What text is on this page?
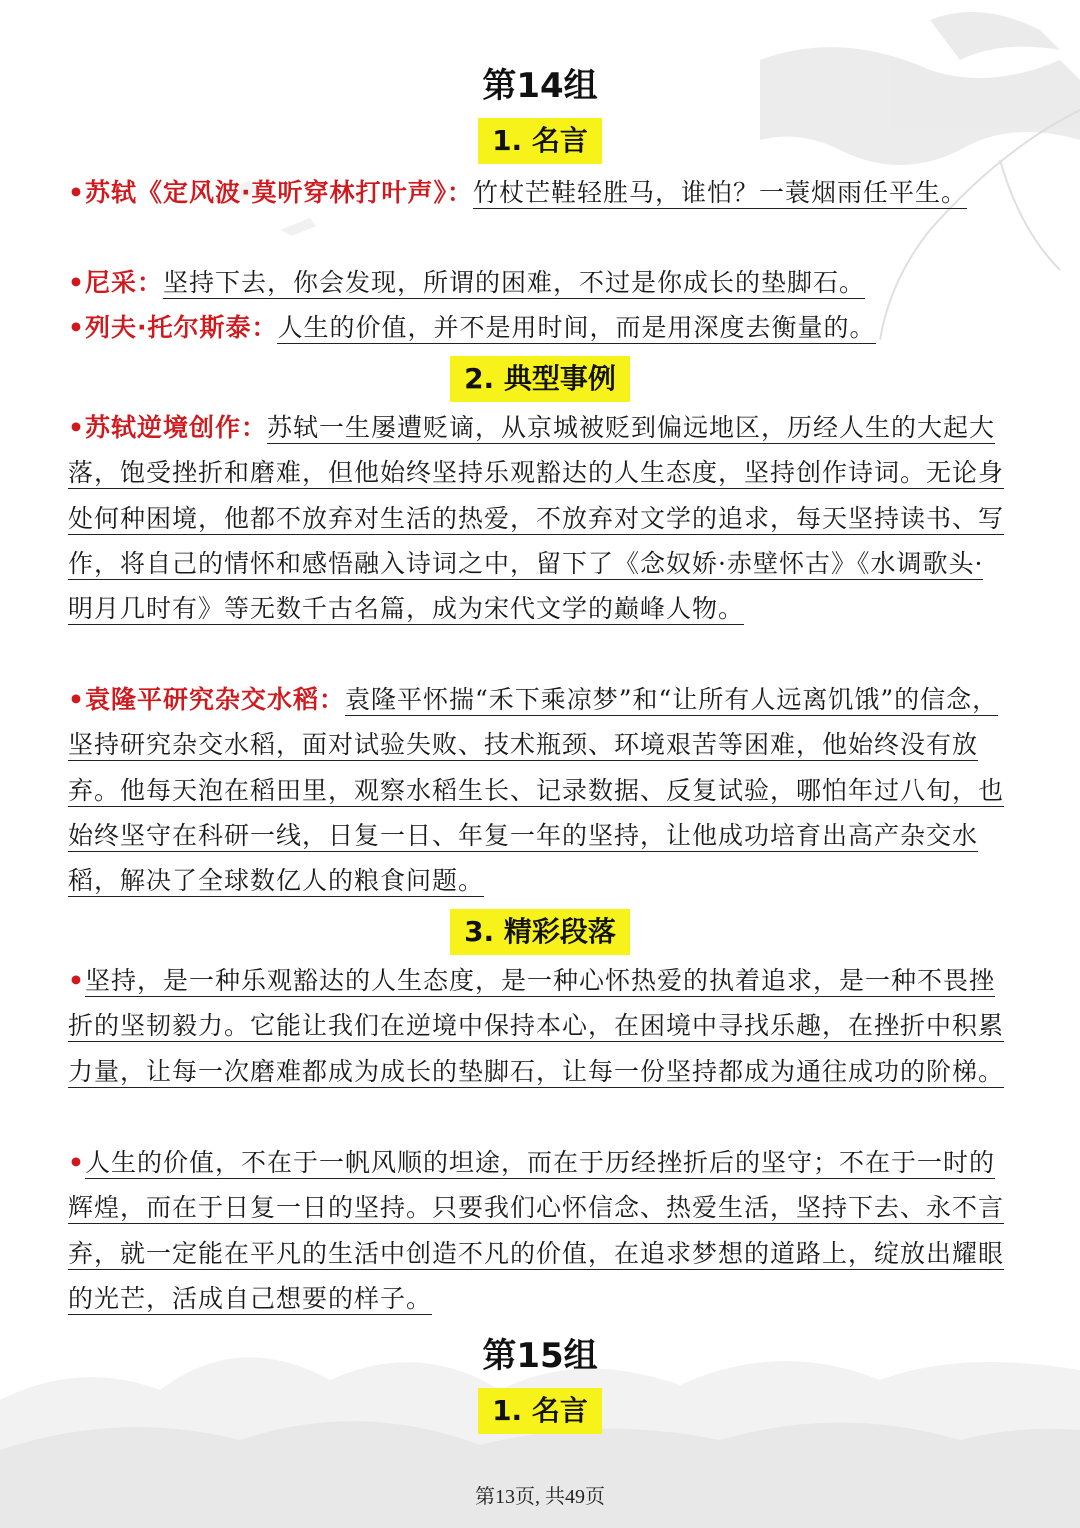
第14组
1. 名言
•苏轼《定风波·莫听穿林打叶声》：竹杖芒鞋轻胜马，谁怕？一蓑烟雨任平生。
•尼采：坚持下去，你会发现，所谓的困难，不过是你成长的垫脚石。
•列夫·托尔斯泰：人生的价值，并不是用时间，而是用深度去衡量的。
2. 典型事例
•苏轼逆境创作：苏轼一生屡遭贬谪，从京城被贬到偏远地区，历经人生的大起大落，饱受挫折和磨难，但他始终坚持乐观豁达的人生态度，坚持创作诗词。无论身处何种困境，他都不放弃对生活的热爱，不放弃对文学的追求，每天坚持读书、写作，将自己的情怀和感悟融入诗词之中，留下了《念奴娇·赤壁怀古》《水调歌头·明月几时有》等无数千古名篇，成为宋代文学的巅峰人物。
•袁隆平研究杂交水稻：袁隆平怀揣“禾下乘凉梦”和“让所有人远离饥饿”的信念，坚持研究杂交水稻，面对试验失败、技术瓶颈、环境艰苦等困难，他始终没有放弃。他每天泡在稻田里，观察水稻生长、记录数据、反复试验，哪怕年过八旬，也始终坚守在科研一线，日复一日、年复一年的坚持，让他成功培育出高产杂交水稻，解决了全球数亿人的粮食问题。
3. 精彩段落
•坚持，是一种乐观豁达的人生态度，是一种心怀热爱的执着追求，是一种不畏挫折的坚韧毅力。它能让我们在逆境中保持本心，在困境中寻找乐趣，在挫折中积累力量，让每一次磨难都成为成长的垫脚石，让每一份坚持都成为通往成功的阶梯。
•人生的价值，不在于一帆风顺的坦途，而在于历经挫折后的坚守；不在于一时的辉煌，而在于日复一日的坚持。只要我们心怀信念、热爱生活，坚持下去、永不言弃，就一定能在平凡的生活中创造不凡的价值，在追求梦想的道路上，绽放出耀眼的光芒，活成自己想要的样子。
第15组
1. 名言
第13页, 共49页
